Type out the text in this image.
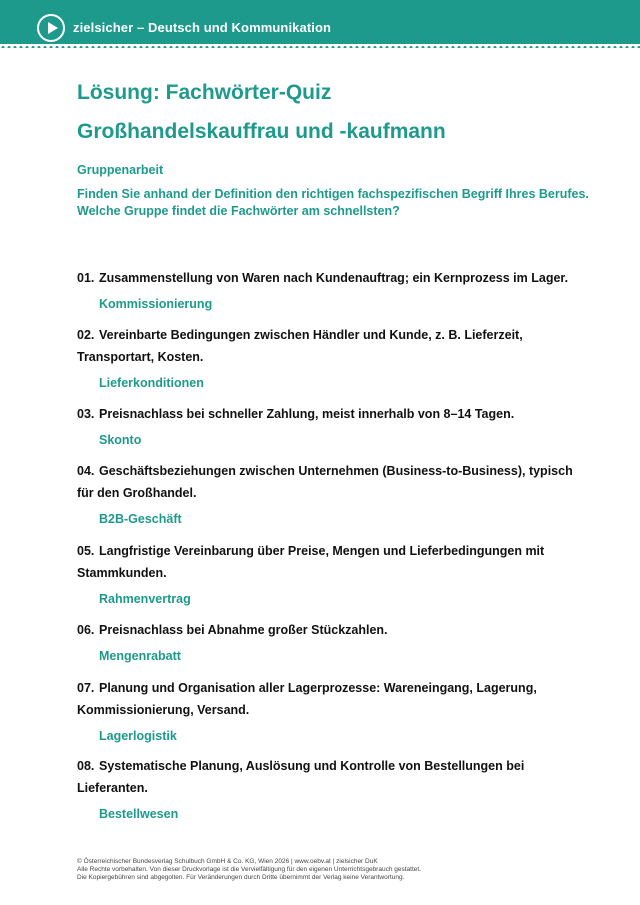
zielsicher – Deutsch und Kommunikation
Lösung: Fachwörter-Quiz
Großhandelskauffrau und -kaufmann
Gruppenarbeit
Finden Sie anhand der Definition den richtigen fachspezifischen Begriff Ihres Berufes.
Welche Gruppe findet die Fachwörter am schnellsten?
01. Zusammenstellung von Waren nach Kundenauftrag; ein Kernprozess im Lager.
Kommissionierung
02. Vereinbarte Bedingungen zwischen Händler und Kunde, z. B. Lieferzeit,
Transportart, Kosten.
Lieferkonditionen
03. Preisnachlass bei schneller Zahlung, meist innerhalb von 8–14 Tagen.
Skonto
04. Geschäftsbeziehungen zwischen Unternehmen (Business-to-Business), typisch
für den Großhandel.
B2B-Geschäft
05. Langfristige Vereinbarung über Preise, Mengen und Lieferbedingungen mit
Stammkunden.
Rahmenvertrag
06. Preisnachlass bei Abnahme großer Stückzahlen.
Mengenrabatt
07. Planung und Organisation aller Lagerprozesse: Wareneingang, Lagerung,
Kommissionierung, Versand.
Lagerlogistik
08. Systematische Planung, Auslösung und Kontrolle von Bestellungen bei
Lieferanten.
Bestellwesen
© Österreichischer Bundesverlag Schulbuch GmbH & Co. KG, Wien 2026 | www.oebv.at | zielsicher DuK
Alle Rechte vorbehalten. Von dieser Druckvorlage ist die Vervielfältigung für den eigenen Unterrichtsgebrauch gestattet.
Die Kopiergebühren sind abgegolten. Für Veränderungen durch Dritte übernimmt der Verlag keine Verantwortung.
